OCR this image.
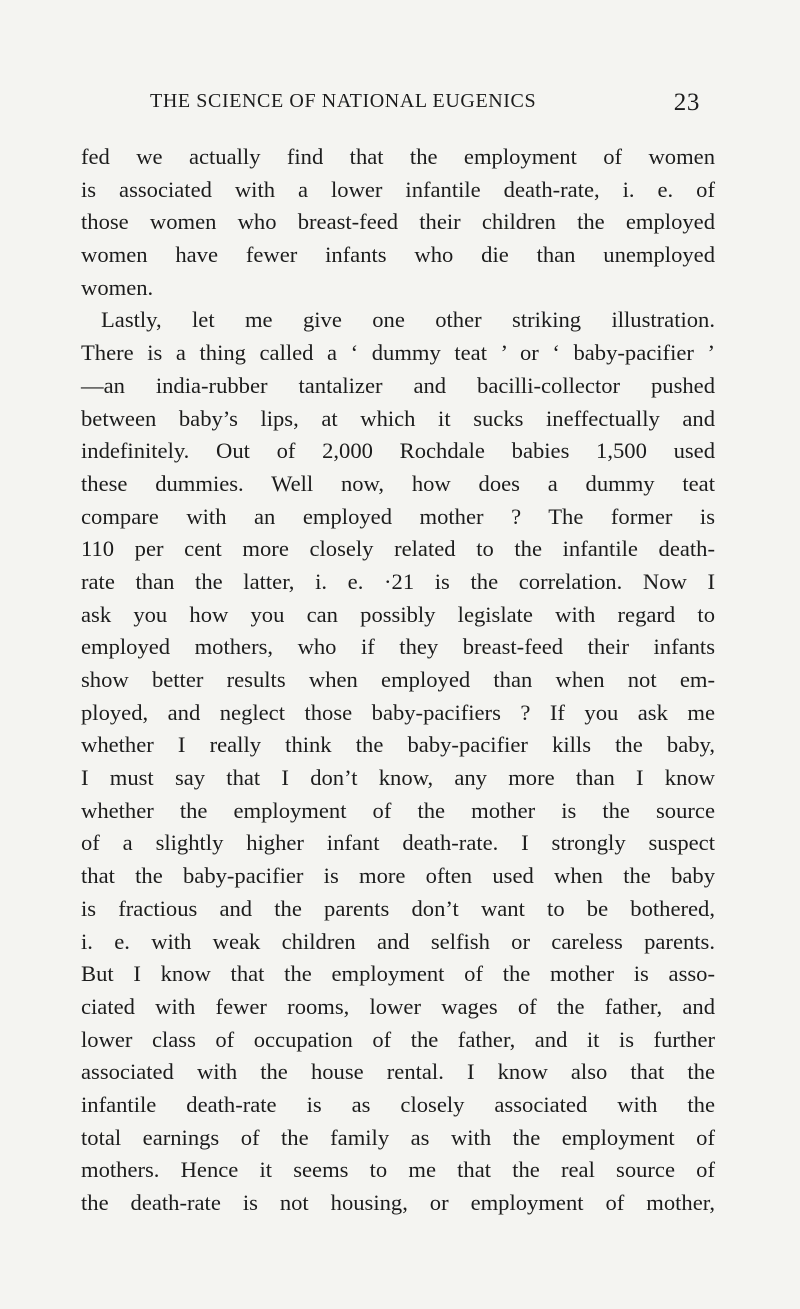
THE SCIENCE OF NATIONAL EUGENICS	23
fed we actually find that the employment of women
is associated with a lower infantile death-rate, i. e. of
those women who breast-feed their children the employed
women have fewer infants who die than unemployed
women.
Lastly, let me give one other striking illustration.
There is a thing called a ‘ dummy teat ’ or ‘ baby-pacifier ’
—an india-rubber tantalizer and bacilli-collector pushed
between baby’s lips, at which it sucks ineffectually and
indefinitely. Out of 2,000 Rochdale babies 1,500 used
these dummies. Well now, how does a dummy teat
compare with an employed mother ? The former is
110 per cent more closely related to the infantile death-
rate than the latter, i. e. ·21 is the correlation. Now I
ask you how you can possibly legislate with regard to
employed mothers, who if they breast-feed their infants
show better results when employed than when not em-
ployed, and neglect those baby-pacifiers ? If you ask me
whether I really think the baby-pacifier kills the baby,
I must say that I don’t know, any more than I know
whether the employment of the mother is the source
of a slightly higher infant death-rate. I strongly suspect
that the baby-pacifier is more often used when the baby
is fractious and the parents don’t want to be bothered,
i. e. with weak children and selfish or careless parents.
But I know that the employment of the mother is asso-
ciated with fewer rooms, lower wages of the father, and
lower class of occupation of the father, and it is further
associated with the house rental. I know also that the
infantile death-rate is as closely associated with the
total earnings of the family as with the employment of
mothers. Hence it seems to me that the real source of
the death-rate is not housing, or employment of mother,
